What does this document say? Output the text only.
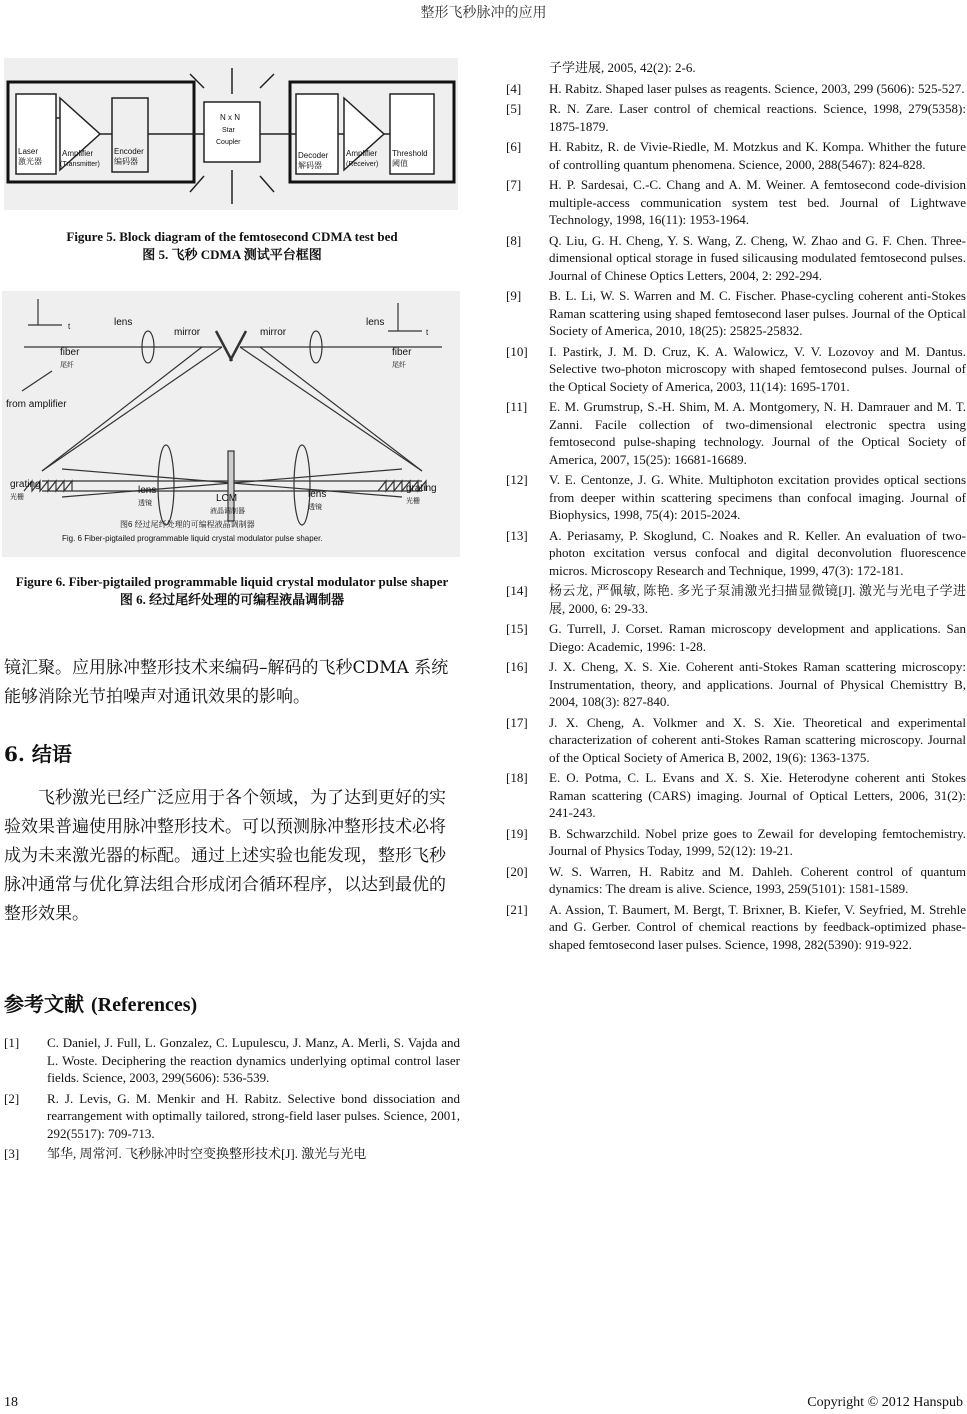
整形飞秒脉冲的应用
Laser
激光器
Amplifier
(Transmitter)
Encoder
编码器
N x N
Star
Coupler
Decoder
解码器
Amplifier
(Receiver)
Threshold
阈值
Figure 5. Block diagram of the femtosecond CDMA test bed
图 5. 飞秒 CDMA 测试平台框图
lens	lens
fiber
尾纤
fiber
尾纤
mirror	mirror
from amplifier
grating
光栅
grating
光栅
lens
透镜
lens
透镜
LCM
液晶调制器
t
t
图6 经过尾纤处理的可编程液晶调制器
Fig. 6 Fiber-pigtailed programmable liquid crystal modulator pulse shaper.
Figure 6. Fiber-pigtailed programmable liquid crystal modulator pulse shaper
图 6. 经过尾纤处理的可编程液晶调制器
镜汇聚。应用脉冲整形技术来编码–解码的飞秒CDMA 系统能够消除光节拍噪声对通讯效果的影响。
6. 结语
飞秒激光已经广泛应用于各个领域，为了达到更好的实验效果普遍使用脉冲整形技术。可以预测脉冲整形技术必将成为未来激光器的标配。通过上述实验也能发现，整形飞秒脉冲通常与优化算法组合形成闭合循环程序，以达到最优的整形效果。
参考文献 (References)
[1]	C. Daniel, J. Full, L. Gonzalez, C. Lupulescu, J. Manz, A. Merli, S. Vajda and L. Woste. Deciphering the reaction dynamics underlying optimal control laser fields. Science, 2003, 299(5606): 536-539.
[2]	R. J. Levis, G. M. Menkir and H. Rabitz. Selective bond dissociation and rearrangement with optimally tailored, strong-field laser pulses. Science, 2001, 292(5517): 709-713.
[3]	邹华, 周常河. 飞秒脉冲时空变换整形技术[J]. 激光与光电
子学进展, 2005, 42(2): 2-6.
[4]	H. Rabitz. Shaped laser pulses as reagents. Science, 2003, 299 (5606): 525-527.
[5]	R. N. Zare. Laser control of chemical reactions. Science, 1998, 279(5358): 1875-1879.
[6]	H. Rabitz, R. de Vivie-Riedle, M. Motzkus and K. Kompa. Whither the future of controlling quantum phenomena. Science, 2000, 288(5467): 824-828.
[7]	H. P. Sardesai, C.-C. Chang and A. M. Weiner. A femtosecond code-division multiple-access communication system test bed. Journal of Lightwave Technology, 1998, 16(11): 1953-1964.
[8]	Q. Liu, G. H. Cheng, Y. S. Wang, Z. Cheng, W. Zhao and G. F. Chen. Three-dimensional optical storage in fused silicausing modulated femtosecond pulses. Journal of Chinese Optics Letters, 2004, 2: 292-294.
[9]	B. L. Li, W. S. Warren and M. C. Fischer. Phase-cycling coherent anti-Stokes Raman scattering using shaped femtosecond laser pulses. Journal of the Optical Society of America, 2010, 18(25): 25825-25832.
[10]	I. Pastirk, J. M. D. Cruz, K. A. Walowicz, V. V. Lozovoy and M. Dantus. Selective two-photon microscopy with shaped femtosecond pulses. Journal of the Optical Society of America, 2003, 11(14): 1695-1701.
[11]	E. M. Grumstrup, S.-H. Shim, M. A. Montgomery, N. H. Damrauer and M. T. Zanni. Facile collection of two-dimensional electronic spectra using femtosecond pulse-shaping technology. Journal of the Optical Society of America, 2007, 15(25): 16681-16689.
[12]	V. E. Centonze, J. G. White. Multiphoton excitation provides optical sections from deeper within scattering specimens than confocal imaging. Journal of Biophysics, 1998, 75(4): 2015-2024.
[13]	A. Periasamy, P. Skoglund, C. Noakes and R. Keller. An evaluation of two-photon excitation versus confocal and digital deconvolution fluorescence micros. Microscopy Research and Technique, 1999, 47(3): 172-181.
[14]	杨云龙, 严佩敏, 陈艳. 多光子泵浦激光扫描显微镜[J]. 激光与光电子学进展, 2000, 6: 29-33.
[15]	G. Turrell, J. Corset. Raman microscopy development and applications. San Diego: Academic, 1996: 1-28.
[16]	J. X. Cheng, X. S. Xie. Coherent anti-Stokes Raman scattering microscopy: Instrumentation, theory, and applications. Journal of Physical Chemisttry B, 2004, 108(3): 827-840.
[17]	J. X. Cheng, A. Volkmer and X. S. Xie. Theoretical and experimental characterization of coherent anti-Stokes Raman scattering microscopy. Journal of the Optical Society of America B, 2002, 19(6): 1363-1375.
[18]	E. O. Potma, C. L. Evans and X. S. Xie. Heterodyne coherent anti Stokes Raman scattering (CARS) imaging. Journal of Optical Letters, 2006, 31(2): 241-243.
[19]	B. Schwarzchild. Nobel prize goes to Zewail for developing femtochemistry. Journal of Physics Today, 1999, 52(12): 19-21.
[20]	W. S. Warren, H. Rabitz and M. Dahleh. Coherent control of quantum dynamics: The dream is alive. Science, 1993, 259(5101): 1581-1589.
[21]	A. Assion, T. Baumert, M. Bergt, T. Brixner, B. Kiefer, V. Seyfried, M. Strehle and G. Gerber. Control of chemical reactions by feedback-optimized phase-shaped femtosecond laser pulses. Science, 1998, 282(5390): 919-922.
18	Copyright © 2012 Hanspub
